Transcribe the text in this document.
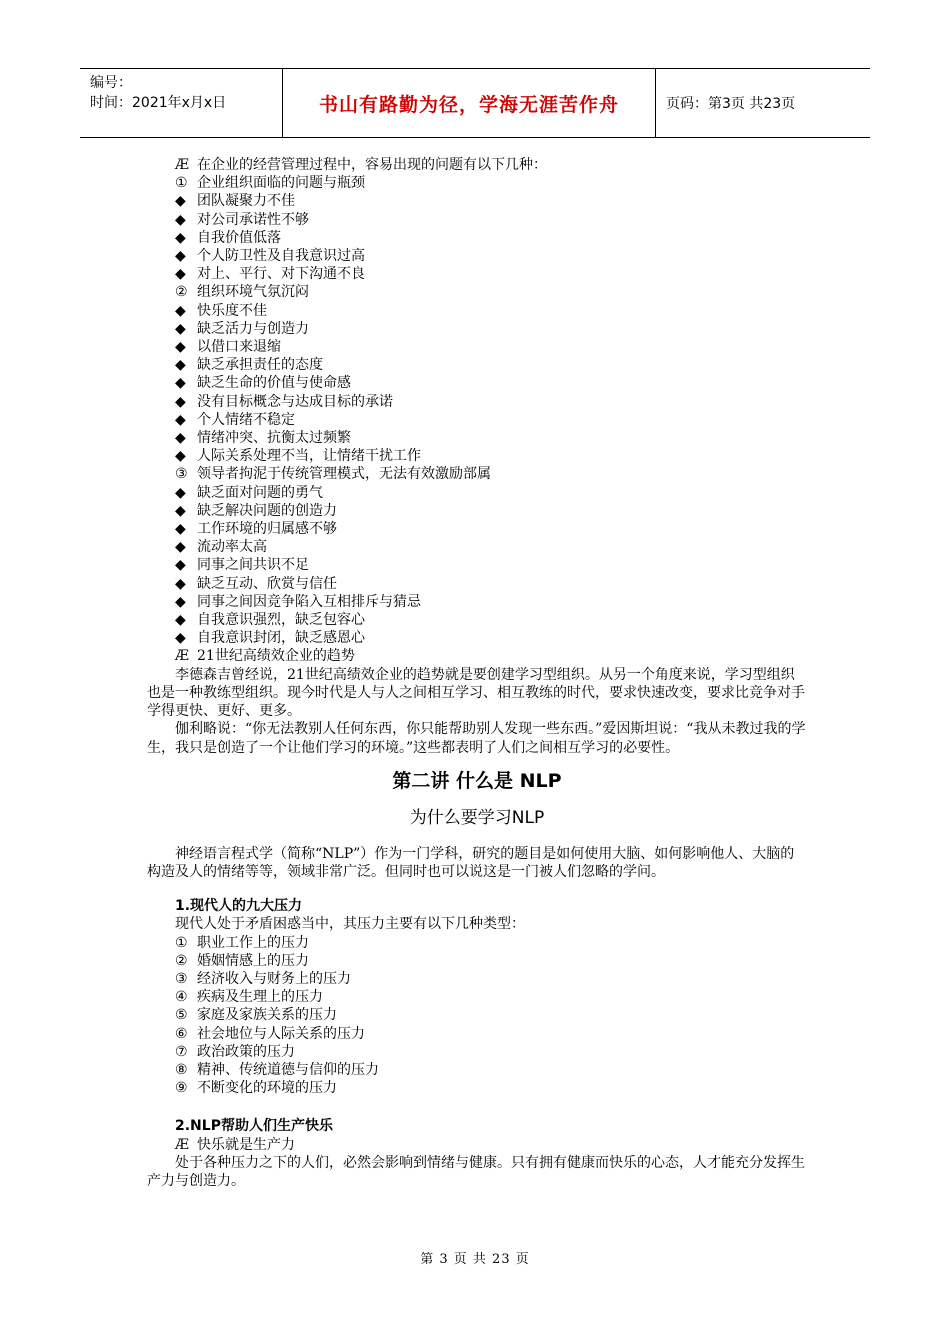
编号：
时间：2021年x月x日	书山有路勤为径，学海无涯苦作舟	页码：第3页 共23页

Æ 在企业的经营管理过程中，容易出现的问题有以下几种：

① 企业组织面临的问题与瓶颈

◆ 团队凝聚力不佳

◆ 对公司承诺性不够

◆ 自我价值低落

◆ 个人防卫性及自我意识过高

◆ 对上、平行、对下沟通不良

② 组织环境气氛沉闷

◆ 快乐度不佳

◆ 缺乏活力与创造力

◆ 以借口来退缩

◆ 缺乏承担责任的态度

◆ 缺乏生命的价值与使命感

◆ 没有目标概念与达成目标的承诺

◆ 个人情绪不稳定

◆ 情绪冲突、抗衡太过频繁

◆ 人际关系处理不当，让情绪干扰工作

③ 领导者拘泥于传统管理模式，无法有效激励部属

◆ 缺乏面对问题的勇气

◆ 缺乏解决问题的创造力

◆ 工作环境的归属感不够

◆ 流动率太高

◆ 同事之间共识不足

◆ 缺乏互动、欣赏与信任

◆ 同事之间因竞争陷入互相排斥与猜忌

◆ 自我意识强烈，缺乏包容心

◆ 自我意识封闭，缺乏感恩心

Æ 21世纪高绩效企业的趋势

李德森吉曾经说，21世纪高绩效企业的趋势就是要创建学习型组织。从另一个角度来说，学习型组织也是一种教练型组织。现今时代是人与人之间相互学习、相互教练的时代，要求快速改变，要求比竞争对手学得更快、更好、更多。

伽利略说：“你无法教别人任何东西，你只能帮助别人发现一些东西。”爱因斯坦说：“我从未教过我的学生，我只是创造了一个让他们学习的环境。”这些都表明了人们之间相互学习的必要性。

第二讲 什么是 NLP
为什么要学习NLP

神经语言程式学（简称“NLP”）作为一门学科，研究的题目是如何使用大脑、如何影响他人、大脑的构造及人的情绪等等，领域非常广泛。但同时也可以说这是一门被人们忽略的学问。

1.现代人的九大压力

现代人处于矛盾困惑当中，其压力主要有以下几种类型：

① 职业工作上的压力

② 婚姻情感上的压力

③ 经济收入与财务上的压力

④ 疾病及生理上的压力

⑤ 家庭及家族关系的压力

⑥ 社会地位与人际关系的压力

⑦ 政治政策的压力

⑧ 精神、传统道德与信仰的压力

⑨ 不断变化的环境的压力

2.NLP帮助人们生产快乐

Æ 快乐就是生产力

处于各种压力之下的人们，必然会影响到情绪与健康。只有拥有健康而快乐的心态，人才能充分发挥生产力与创造力。

第 3 页 共 23 页
